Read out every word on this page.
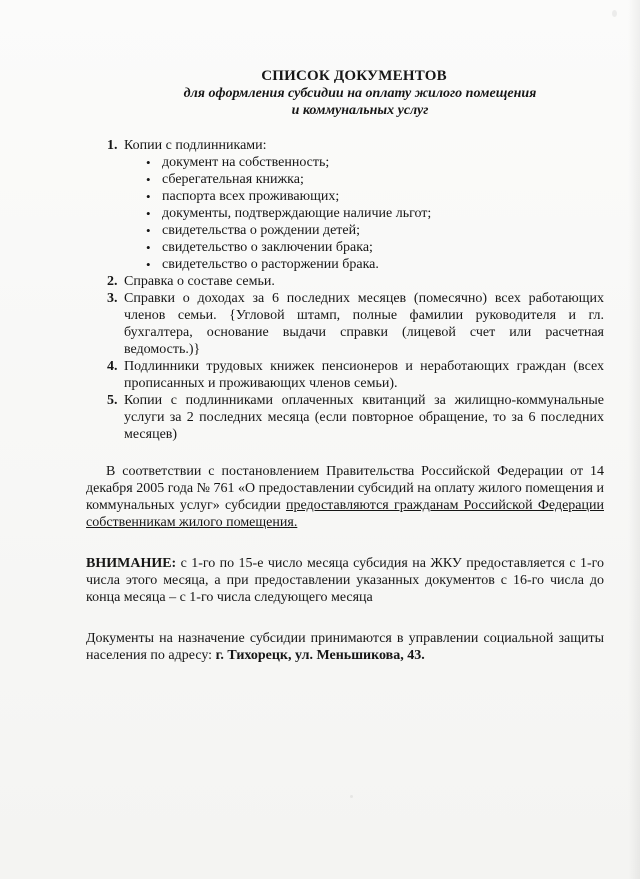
СПИСОК ДОКУМЕНТОВ
для оформления субсидии на оплату жилого помещения
и коммунальных услуг
1. Копии с подлинниками:
• документ на собственность;
• сберегательная книжка;
• паспорта всех проживающих;
• документы, подтверждающие наличие льгот;
• свидетельства о рождении детей;
• свидетельство о заключении брака;
• свидетельство о расторжении брака.
2. Справка о составе семьи.
3. Справки о доходах за 6 последних месяцев (помесячно) всех работающих членов семьи. {Угловой штамп, полные фамилии руководителя и гл. бухгалтера, основание выдачи справки (лицевой счет или расчетная ведомость.)}
4. Подлинники трудовых книжек пенсионеров и неработающих граждан (всех прописанных и проживающих членов семьи).
5. Копии с подлинниками оплаченных квитанций за жилищно-коммунальные услуги за 2 последних месяца (если повторное обращение, то за 6 последних месяцев)

В соответствии с постановлением Правительства Российской Федерации от 14 декабря 2005 года № 761 «О предоставлении субсидий на оплату жилого помещения и коммунальных услуг» субсидии предоставляются гражданам Российской Федерации собственникам жилого помещения.

ВНИМАНИЕ: с 1-го по 15-е число месяца субсидия на ЖКУ предоставляется с 1-го числа этого месяца, а при предоставлении указанных документов с 16-го числа до конца месяца – с 1-го числа следующего месяца

Документы на назначение субсидии принимаются в управлении социальной защиты населения по адресу: г. Тихорецк, ул. Меньшикова, 43.
